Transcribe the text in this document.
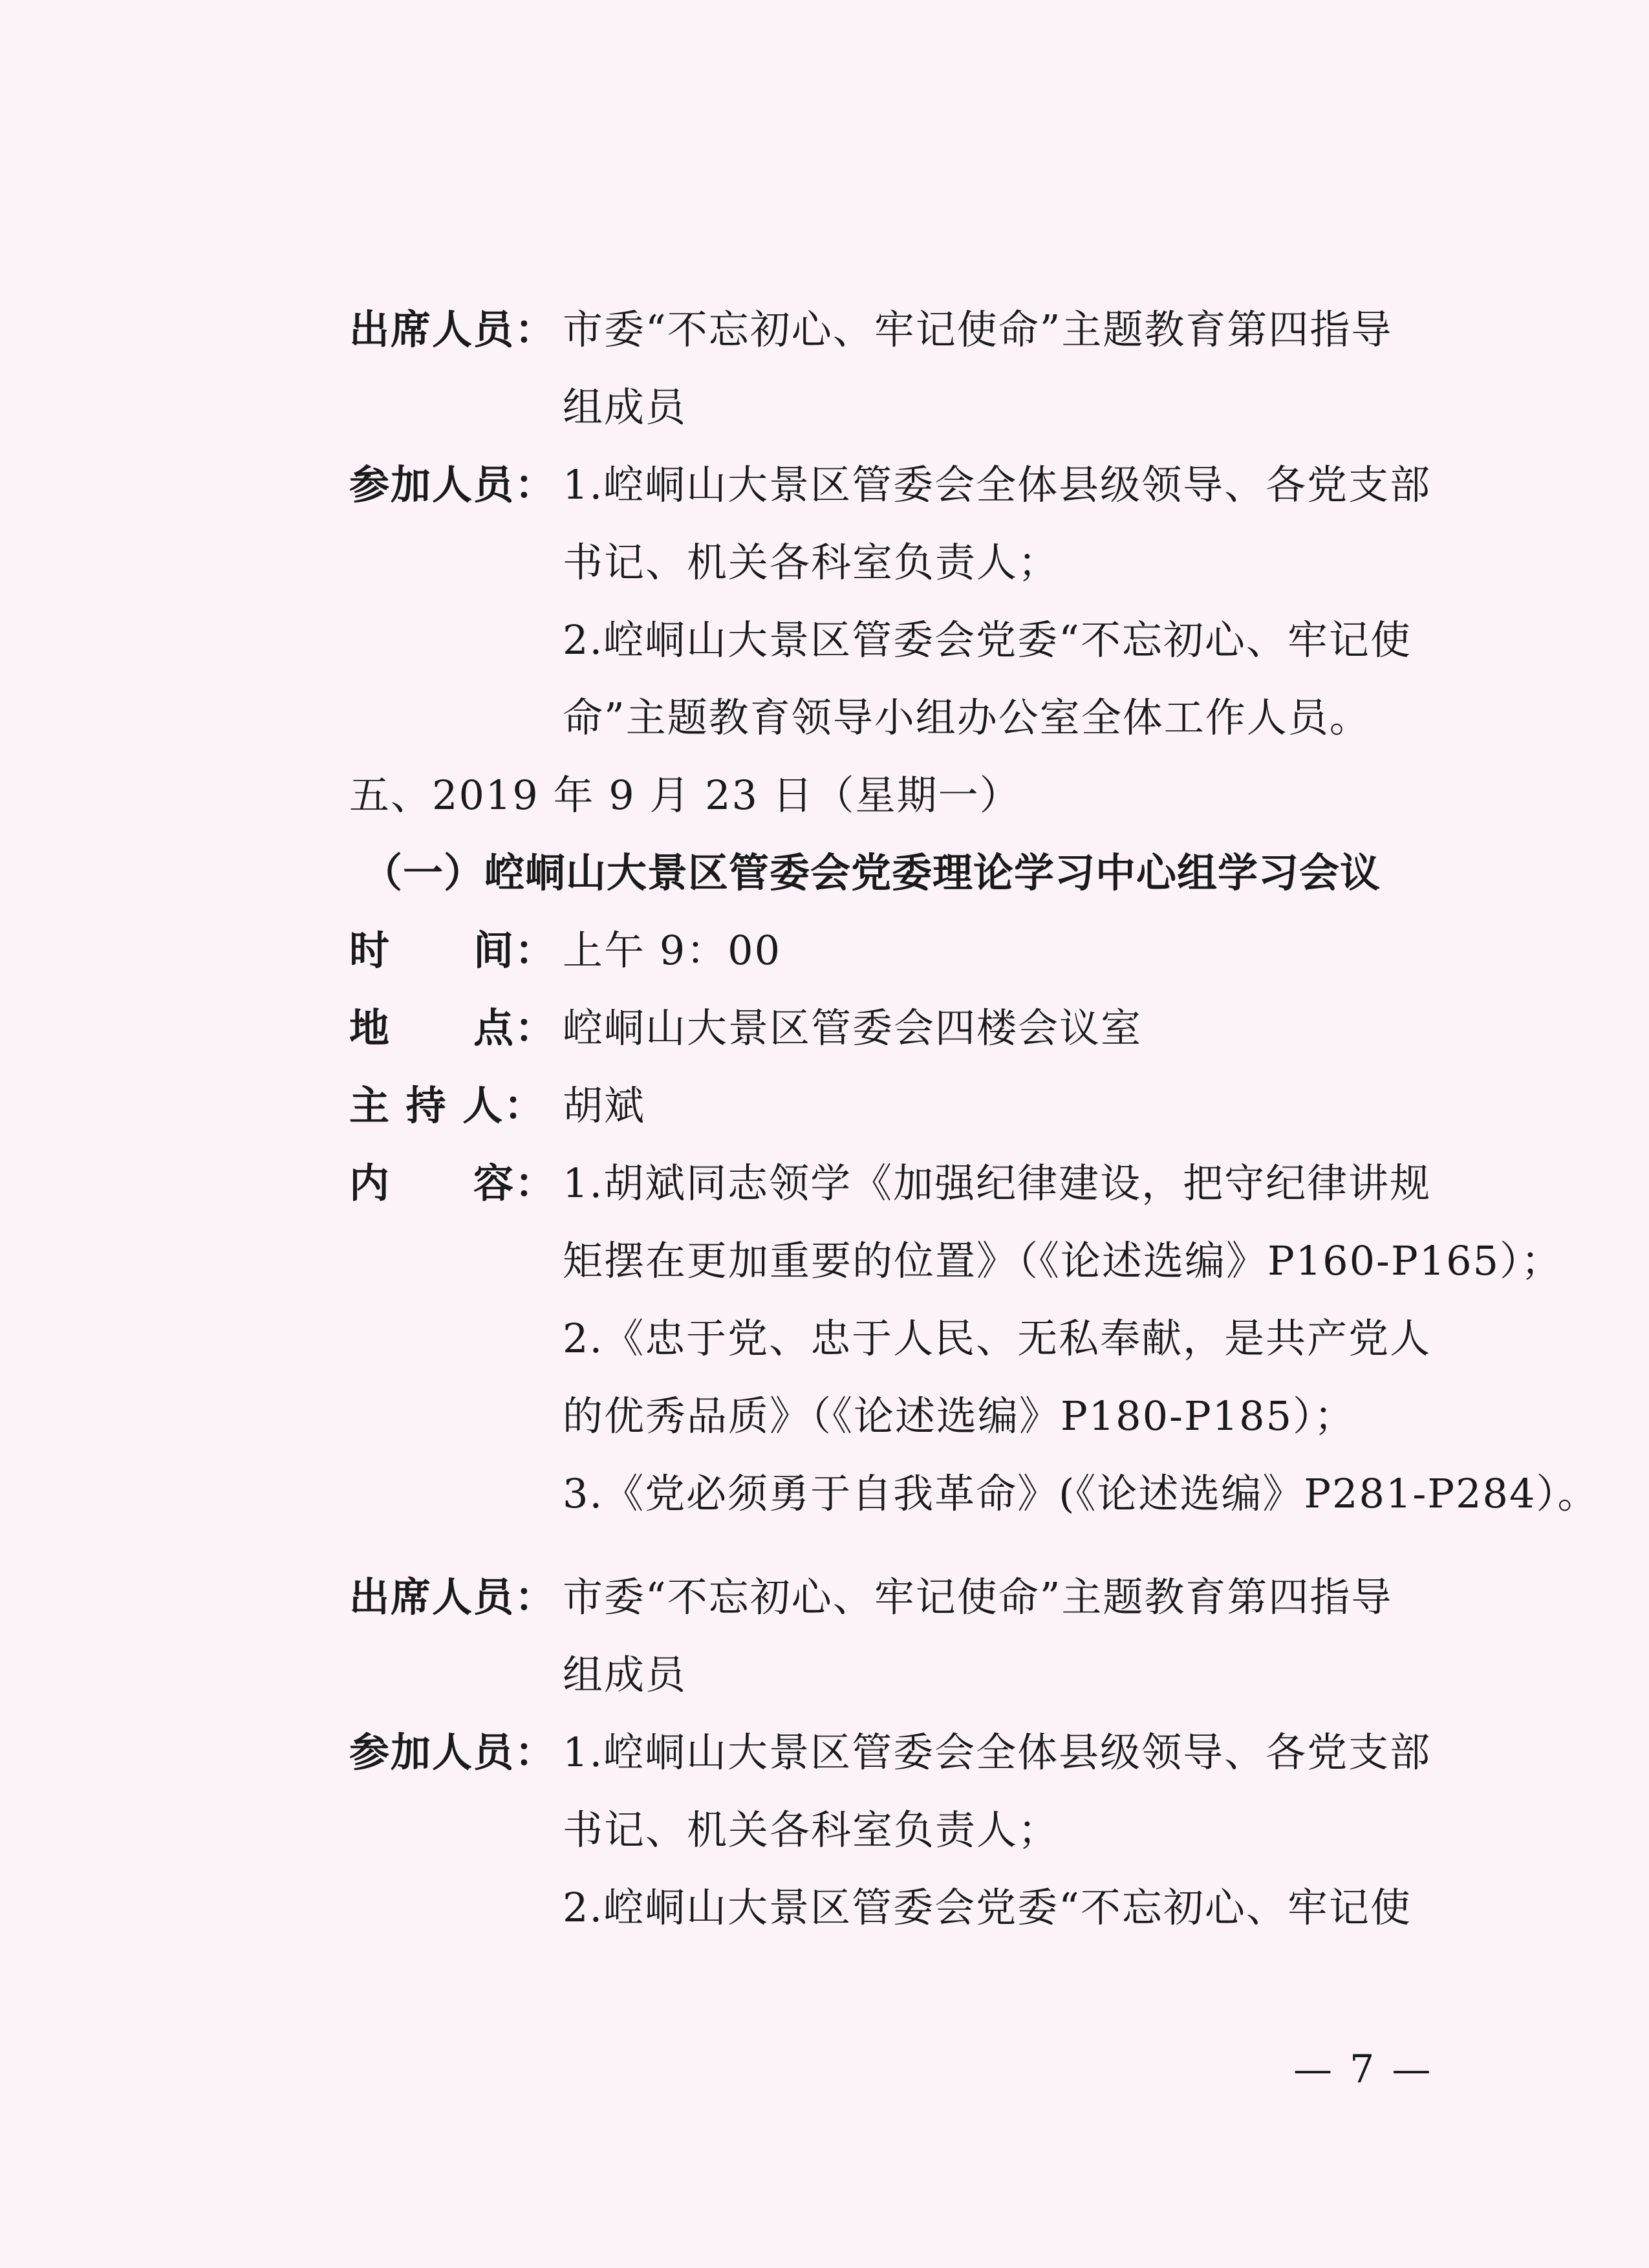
出席人员： 市委“不忘初心、牢记使命”主题教育第四指导
组成员
参加人员： 1.崆峒山大景区管委会全体县级领导、各党支部
书记、机关各科室负责人；
2.崆峒山大景区管委会党委“不忘初心、牢记使
命”主题教育领导小组办公室全体工作人员。
五、2019 年 9 月 23 日（星期一）
（一）崆峒山大景区管委会党委理论学习中心组学习会议
时　　间： 上午 9：00
地　　点： 崆峒山大景区管委会四楼会议室
主 持 人： 胡斌
内　　容： 1.胡斌同志领学《加强纪律建设，把守纪律讲规
矩摆在更加重要的位置》（《论述选编》P160-P165）；
2.《忠于党、忠于人民、无私奉献，是共产党人
的优秀品质》（《论述选编》P180-P185）；
3.《党必须勇于自我革命》(《论述选编》P281-P284）。
出席人员： 市委“不忘初心、牢记使命”主题教育第四指导
组成员
参加人员： 1.崆峒山大景区管委会全体县级领导、各党支部
书记、机关各科室负责人；
2.崆峒山大景区管委会党委“不忘初心、牢记使
— 7 —
